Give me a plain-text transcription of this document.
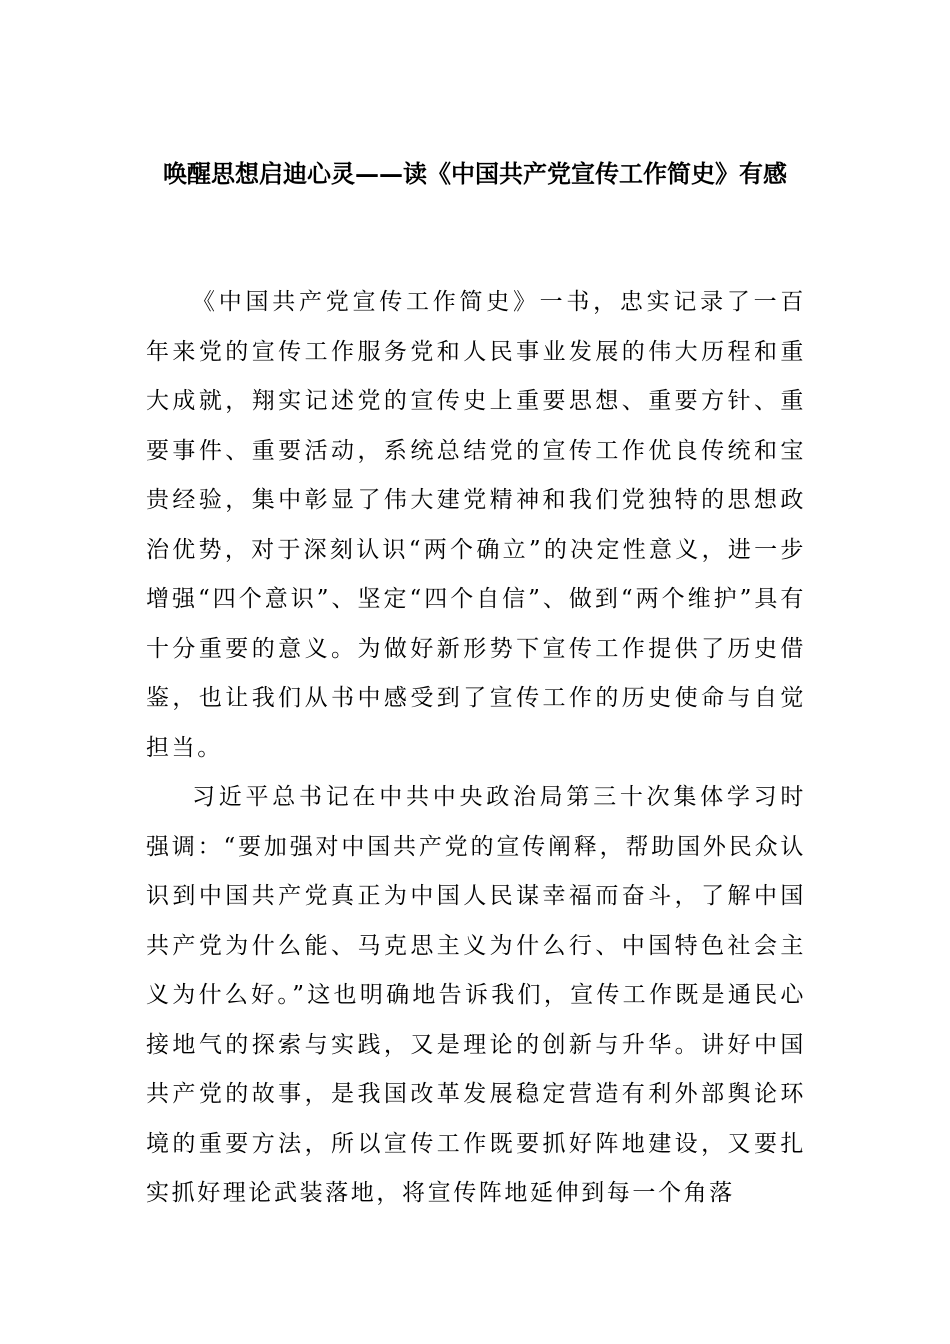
唤醒思想启迪心灵——读《中国共产党宣传工作简史》有感

《中国共产党宣传工作简史》一书，忠实记录了一百年来党的宣传工作服务党和人民事业发展的伟大历程和重大成就，翔实记述党的宣传史上重要思想、重要方针、重要事件、重要活动，系统总结党的宣传工作优良传统和宝贵经验，集中彰显了伟大建党精神和我们党独特的思想政治优势，对于深刻认识“两个确立”的决定性意义，进一步增强“四个意识”、坚定“四个自信”、做到“两个维护”具有十分重要的意义。为做好新形势下宣传工作提供了历史借鉴，也让我们从书中感受到了宣传工作的历史使命与自觉担当。

习近平总书记在中共中央政治局第三十次集体学习时强调：“要加强对中国共产党的宣传阐释，帮助国外民众认识到中国共产党真正为中国人民谋幸福而奋斗，了解中国共产党为什么能、马克思主义为什么行、中国特色社会主义为什么好。”这也明确地告诉我们，宣传工作既是通民心接地气的探索与实践，又是理论的创新与升华。讲好中国共产党的故事，是我国改革发展稳定营造有利外部舆论环境的重要方法，所以宣传工作既要抓好阵地建设，又要扎实抓好理论武装落地，将宣传阵地延伸到每一个角落
